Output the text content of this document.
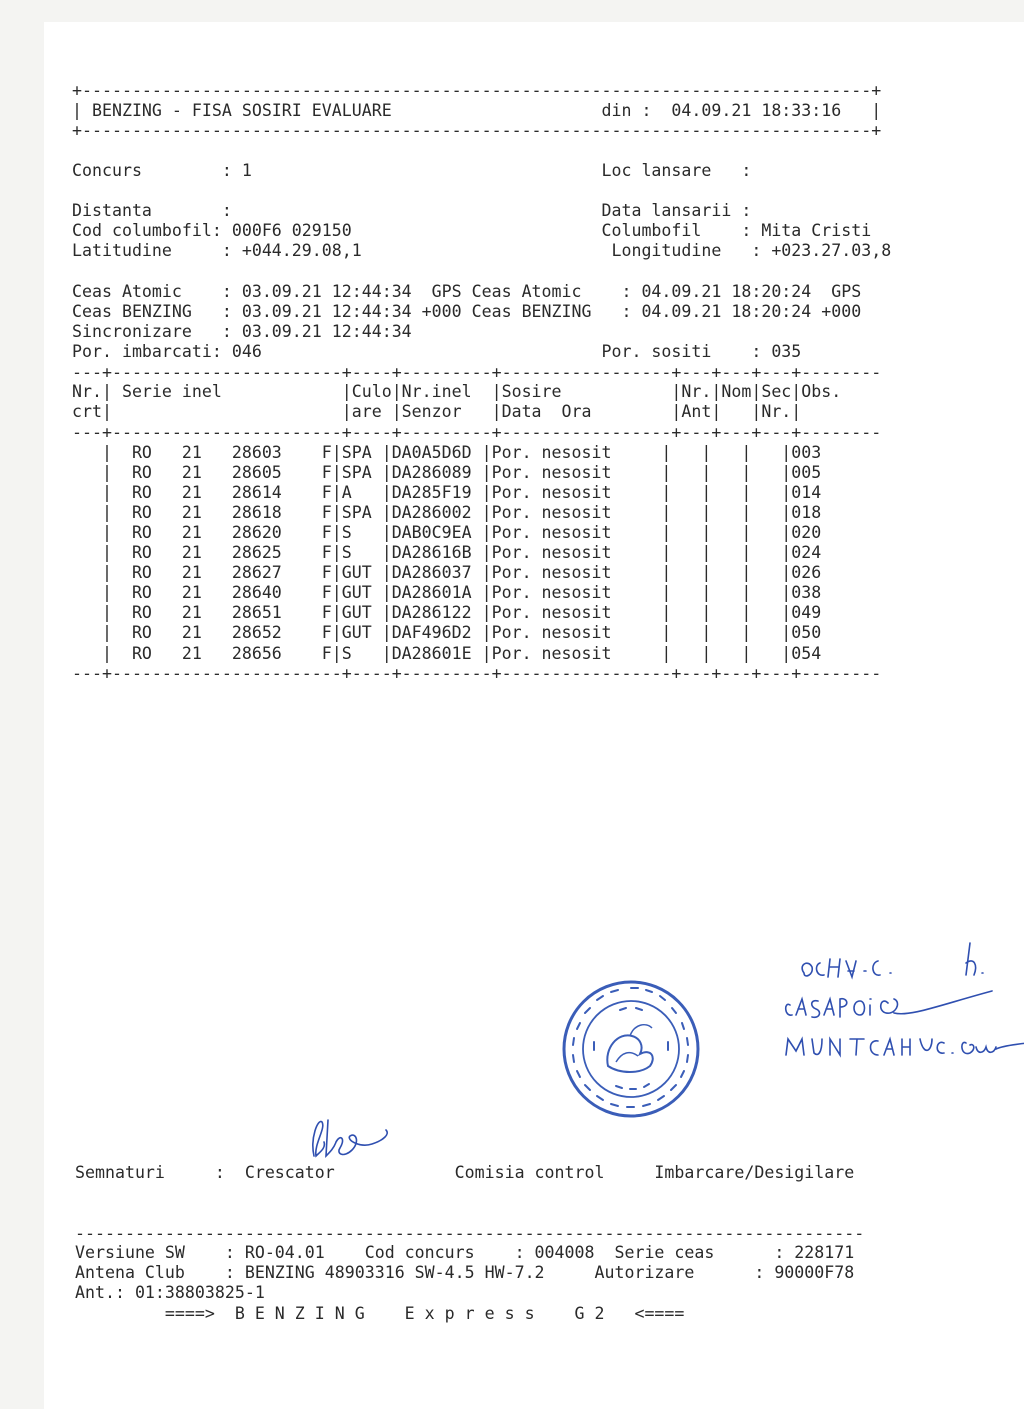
+-------------------------------------------------------------------------------+
| BENZING - FISA SOSIRI EVALUARE                     din :  04.09.21 18:33:16   |
+-------------------------------------------------------------------------------+
Concurs        : 1                                   Loc lansare   :
Distanta       :                                     Data lansarii :
Cod columbofil: 000F6 029150                         Columbofil    : Mita Cristi
Latitudine     : +044.29.08,1                         Longitudine   : +023.27.03,8
Ceas Atomic    : 03.09.21 12:44:34  GPS Ceas Atomic    : 04.09.21 18:20:24  GPS
Ceas BENZING   : 03.09.21 12:44:34 +000 Ceas BENZING   : 04.09.21 18:20:24 +000
Sincronizare   : 03.09.21 12:44:34
Por. imbarcati: 046                                  Por. sositi    : 035
---+-----------------------+----+---------+-----------------+---+---+---+--------
Nr.| Serie inel            |Culo|Nr.inel  |Sosire           |Nr.|Nom|Sec|Obs.
crt|                       |are |Senzor   |Data  Ora        |Ant|   |Nr.|
---+-----------------------+----+---------+-----------------+---+---+---+--------
|  RO   21   28603    F|SPA |DA0A5D6D |Por. nesosit     |   |   |   |003
|  RO   21   28605    F|SPA |DA286089 |Por. nesosit     |   |   |   |005
|  RO   21   28614    F|A   |DA285F19 |Por. nesosit     |   |   |   |014
|  RO   21   28618    F|SPA |DA286002 |Por. nesosit     |   |   |   |018
|  RO   21   28620    F|S   |DAB0C9EA |Por. nesosit     |   |   |   |020
|  RO   21   28625    F|S   |DA28616B |Por. nesosit     |   |   |   |024
|  RO   21   28627    F|GUT |DA286037 |Por. nesosit     |   |   |   |026
|  RO   21   28640    F|GUT |DA28601A |Por. nesosit     |   |   |   |038
|  RO   21   28651    F|GUT |DA286122 |Por. nesosit     |   |   |   |049
|  RO   21   28652    F|GUT |DAF496D2 |Por. nesosit     |   |   |   |050
|  RO   21   28656    F|S   |DA28601E |Por. nesosit     |   |   |   |054
---+-----------------------+----+---------+-----------------+---+---+---+--------
Semnaturi     :  Crescator            Comisia control     Imbarcare/Desigilare
-------------------------------------------------------------------------------
Versiune SW    : RO-04.01    Cod concurs    : 004008  Serie ceas      : 228171
Antena Club    : BENZING 48903316 SW-4.5 HW-7.2     Autorizare      : 90000F78
Ant.: 01:38803825-1
====>  B E N Z I N G    E x p r e s s    G 2   <====
